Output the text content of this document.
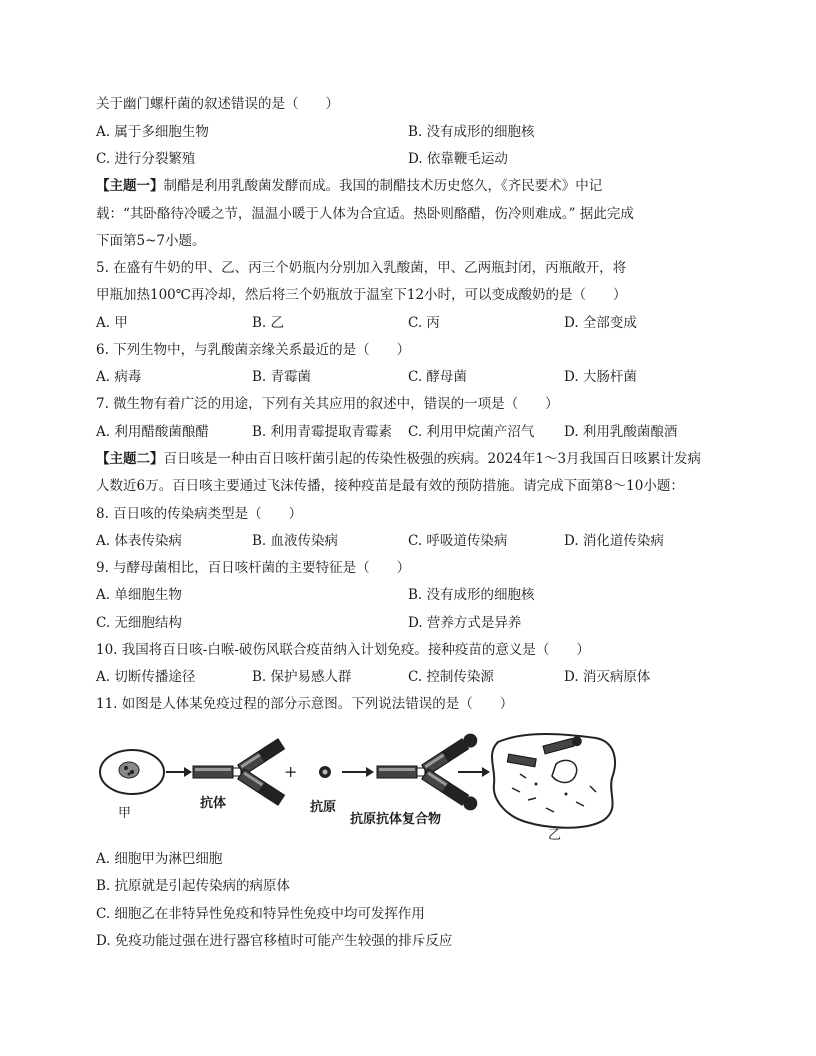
关于幽门螺杆菌的叙述错误的是（　　）
A. 属于多细胞生物	B. 没有成形的细胞核
C. 进行分裂繁殖	D. 依靠鞭毛运动
【主题一】制醋是利用乳酸菌发酵而成。我国的制醋技术历史悠久，《齐民要术》中记
载：“其卧酪待冷暖之节，温温小暖于人体为合宜适。热卧则酪醋，伤冷则难成。” 据此完成
下面第5~7小题。
5. 在盛有牛奶的甲、乙、丙三个奶瓶内分别加入乳酸菌，甲、乙两瓶封闭，丙瓶敞开，将
甲瓶加热100℃再冷却，然后将三个奶瓶放于温室下12小时，可以变成酸奶的是（　　）
A. 甲	B. 乙	C. 丙	D. 全部变成
6. 下列生物中，与乳酸菌亲缘关系最近的是（　　）
A. 病毒	B. 青霉菌	C. 酵母菌	D. 大肠杆菌
7. 微生物有着广泛的用途，下列有关其应用的叙述中，错误的一项是（　　）
A. 利用醋酸菌酿醋	B. 利用青霉提取青霉素 C. 利用甲烷菌产沼气 D. 利用乳酸菌酿酒
【主题二】百日咳是一种由百日咳杆菌引起的传染性极强的疾病。2024年1～3月我国百日咳累计发病
人数近6万。百日咳主要通过飞沫传播，接种疫苗是最有效的预防措施。请完成下面第8～10小题：
8. 百日咳的传染病类型是（　　）
A. 体表传染病	B. 血液传染病	C. 呼吸道传染病	D. 消化道传染病
9. 与酵母菌相比，百日咳杆菌的主要特征是（　　）
A. 单细胞生物	B. 没有成形的细胞核
C. 无细胞结构	D. 营养方式是异养
10. 我国将百日咳-白喉-破伤风联合疫苗纳入计划免疫。接种疫苗的意义是（　　）
A. 切断传播途径	B. 保护易感人群	C. 控制传染源	D. 消灭病原体
11. 如图是人体某免疫过程的部分示意图。下列说法错误的是（　　）
甲
抗体
+
抗原
抗原抗体复合物
乙
A. 细胞甲为淋巴细胞
B. 抗原就是引起传染病的病原体
C. 细胞乙在非特异性免疫和特异性免疫中均可发挥作用
D. 免疫功能过强在进行器官移植时可能产生较强的排斥反应
